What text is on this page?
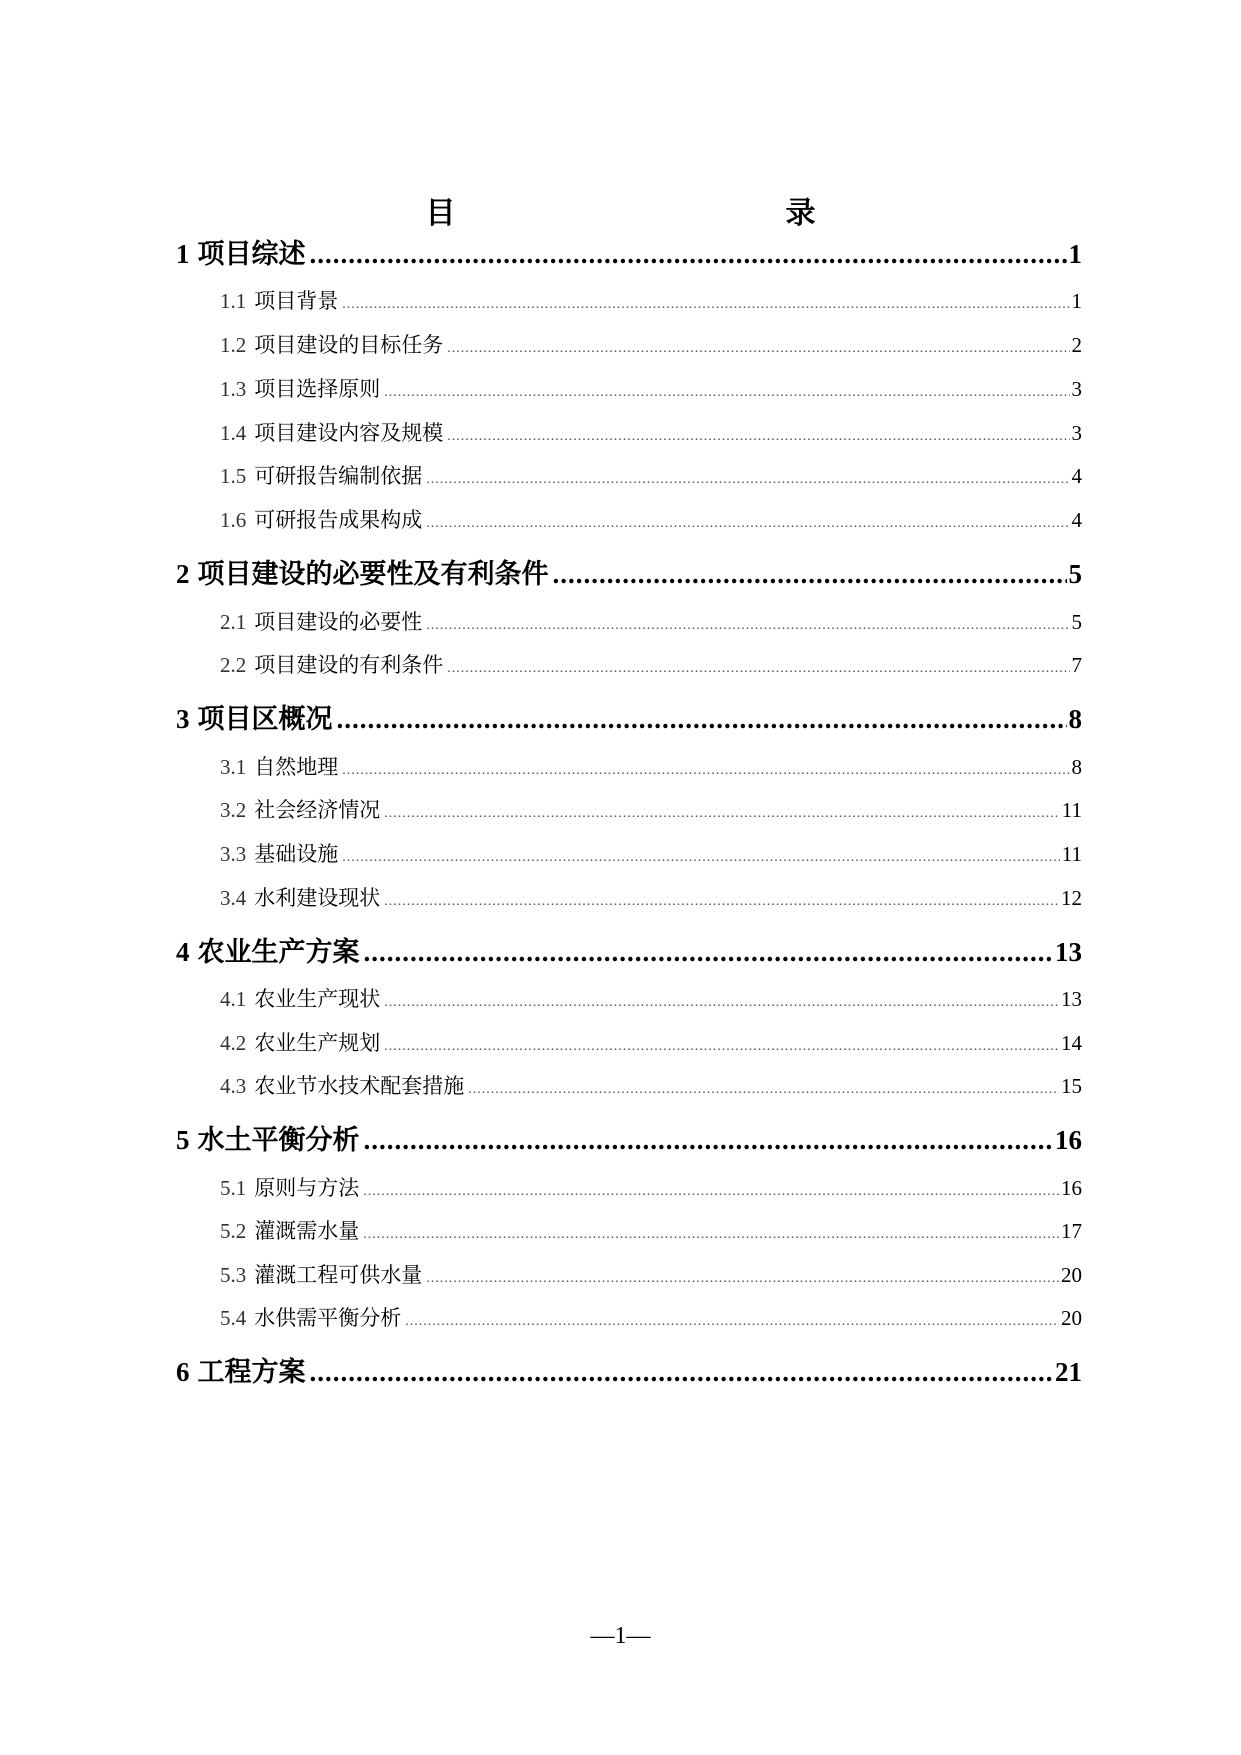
目　　录
1 项目综述 .....	1
1.1 项目背景 .....	1
1.2 项目建设的目标任务 .....	2
1.3 项目选择原则 .....	3
1.4 项目建设内容及规模 .....	3
1.5 可研报告编制依据 .....	4
1.6 可研报告成果构成 .....	4
2 项目建设的必要性及有利条件 .....	5
2.1 项目建设的必要性 .....	5
2.2 项目建设的有利条件 .....	7
3 项目区概况 .....	8
3.1 自然地理 .....	8
3.2 社会经济情况 .....	11
3.3 基础设施 .....	11
3.4 水利建设现状 .....	12
4 农业生产方案 .....	13
4.1 农业生产现状 .....	13
4.2 农业生产规划 .....	14
4.3 农业节水技术配套措施 .....	15
5 水土平衡分析 .....	16
5.1 原则与方法 .....	16
5.2 灌溉需水量 .....	17
5.3 灌溉工程可供水量 .....	20
5.4 水供需平衡分析 .....	20
6 工程方案 .....	21
—1—
